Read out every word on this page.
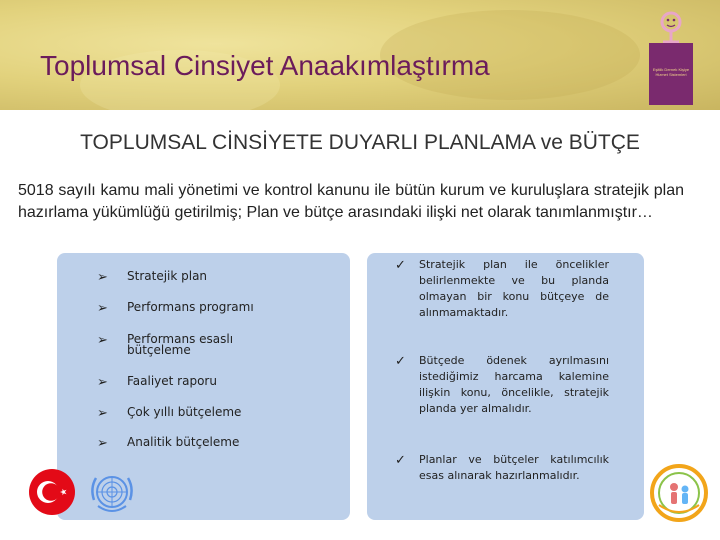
Toplumsal Cinsiyet Anaakımlaştırma	Eşitlik Dernek Kişiye Hizmet Sistemleri
TOPLUMSAL CİNSİYETE DUYARLI PLANLAMA ve BÜTÇE
5018 sayılı kamu mali yönetimi ve kontrol kanunu ile bütün kurum ve kuruluşlara stratejik plan hazırlama yükümlüğü getirilmiş; Plan ve bütçe arasındaki ilişki net olarak tanımlanmıştır…
➢ Stratejik plan
➢ Performans programı
➢ Performans esaslı bütçeleme
➢ Faaliyet raporu
➢ Çok yıllı bütçeleme
➢ Analitik bütçeleme
✓ Stratejik plan ile öncelikler belirlenmekte ve bu planda olmayan bir konu bütçeye de alınmamaktadır.
✓ Bütçede ödenek ayrılmasını istediğimiz harcama kalemine ilişkin konu, öncelikle, stratejik planda yer almalıdır.
✓ Planlar ve bütçeler katılımcılık esas alınarak hazırlanmalıdır.
